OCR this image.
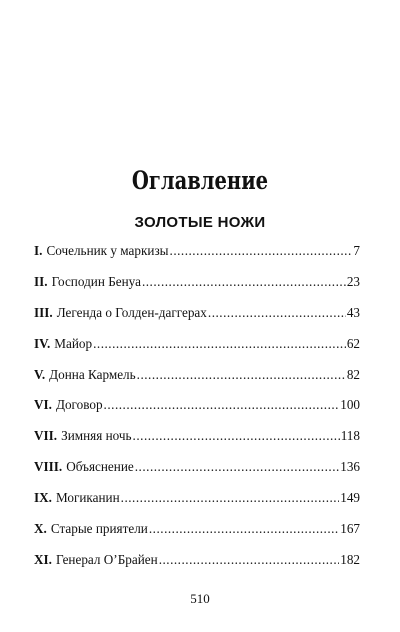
Оглавление
ЗОЛОТЫЕ НОЖИ
I. Сочельник у маркизы .....	7
II. Господин Бенуа .....	23
III. Легенда о Голден-даггерах .....	43
IV. Майор .....	62
V. Донна Кармель .....	82
VI. Договор .....	100
VII. Зимняя ночь .....	118
VIII. Объяснение .....	136
IX. Могиканин .....	149
X. Старые приятели .....	167
XI. Генерал О’Брайен .....	182
510
